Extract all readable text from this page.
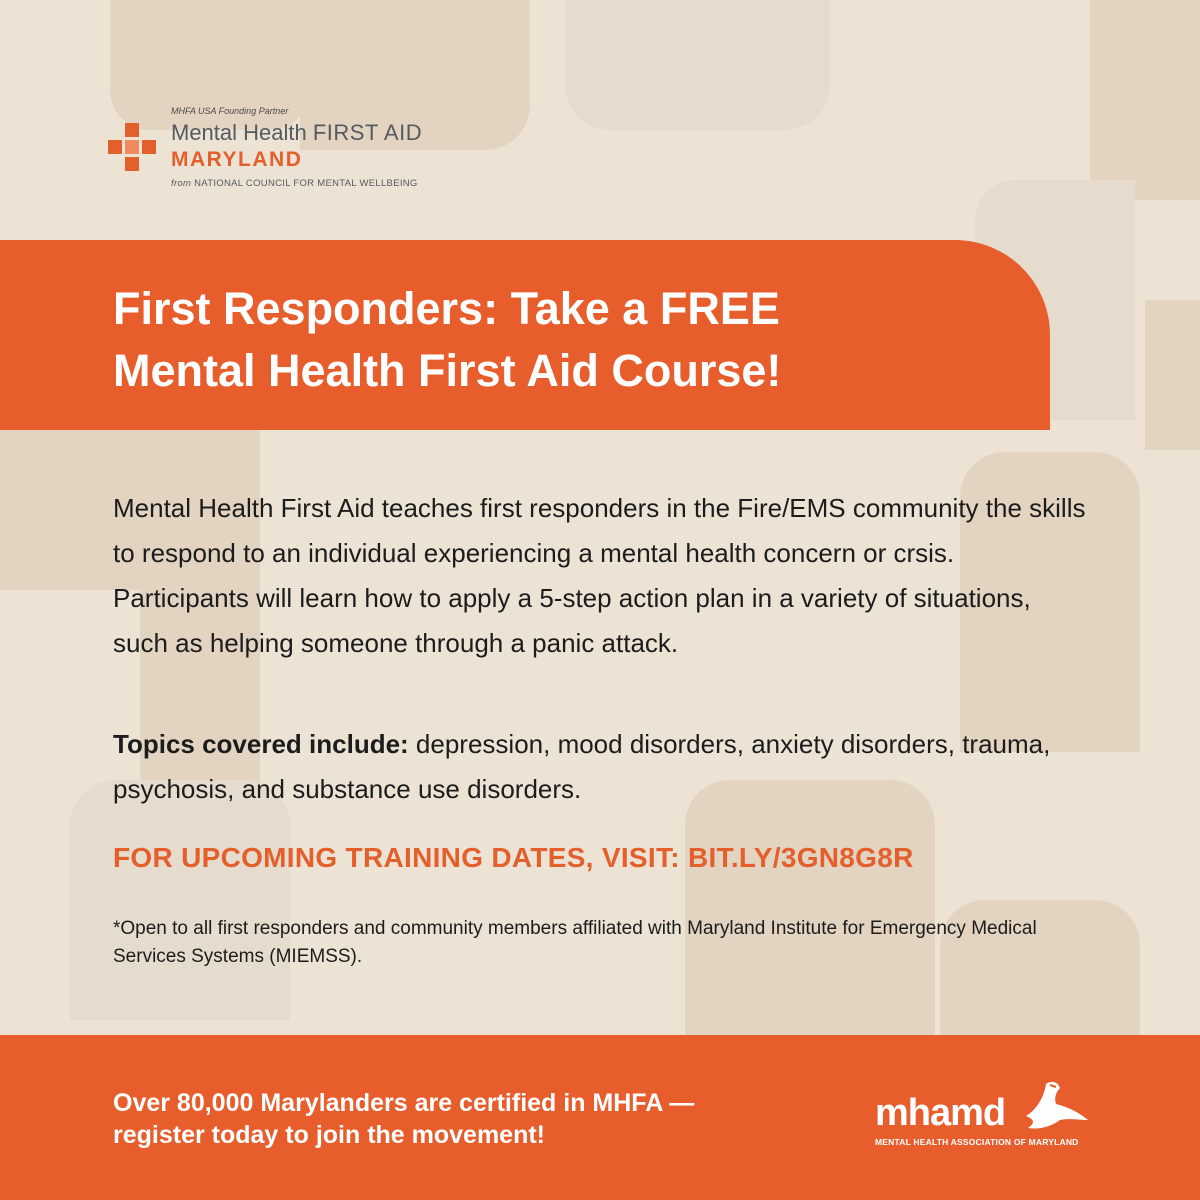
MHFA USA Founding Partner
Mental Health FIRST AID
MARYLAND
from NATIONAL COUNCIL FOR MENTAL WELLBEING
First Responders: Take a FREE
Mental Health First Aid Course!

Mental Health First Aid teaches first responders in the Fire/EMS community the skills to respond to an individual experiencing a mental health concern or crsis. Participants will learn how to apply a 5-step action plan in a variety of situations, such as helping someone through a panic attack.

Topics covered include: depression, mood disorders, anxiety disorders, trauma, psychosis, and substance use disorders.

FOR UPCOMING TRAINING DATES, VISIT: BIT.LY/3GN8G8R

*Open to all first responders and community members affiliated with Maryland Institute for Emergency Medical Services Systems (MIEMSS).

Over 80,000 Marylanders are certified in MHFA —
register today to join the movement!

mhamd
MENTAL HEALTH ASSOCIATION OF MARYLAND
